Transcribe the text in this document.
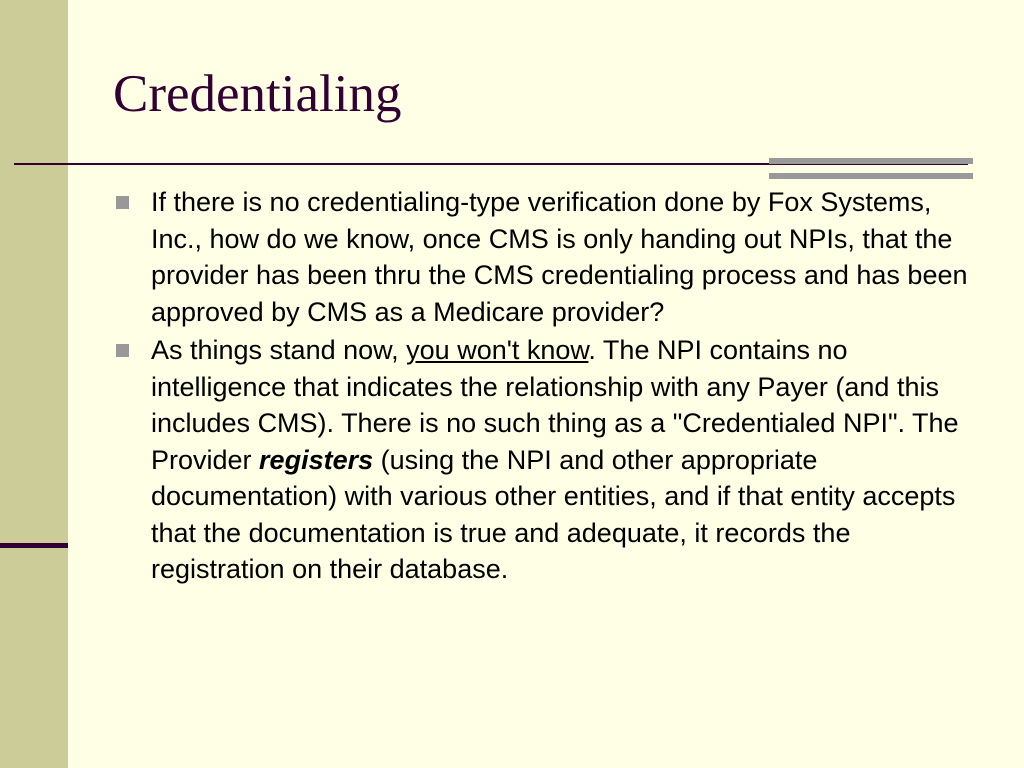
Credentialing
If there is no credentialing-type verification done by Fox Systems, Inc., how do we know, once CMS is only handing out NPIs, that the provider has been thru the CMS credentialing process and has been approved by CMS as a Medicare provider?
As things stand now, you won't know. The NPI contains no intelligence that indicates the relationship with any Payer (and this includes CMS). There is no such thing as a "Credentialed NPI". The Provider registers (using the NPI and other appropriate documentation) with various other entities, and if that entity accepts that the documentation is true and adequate, it records the registration on their database.
